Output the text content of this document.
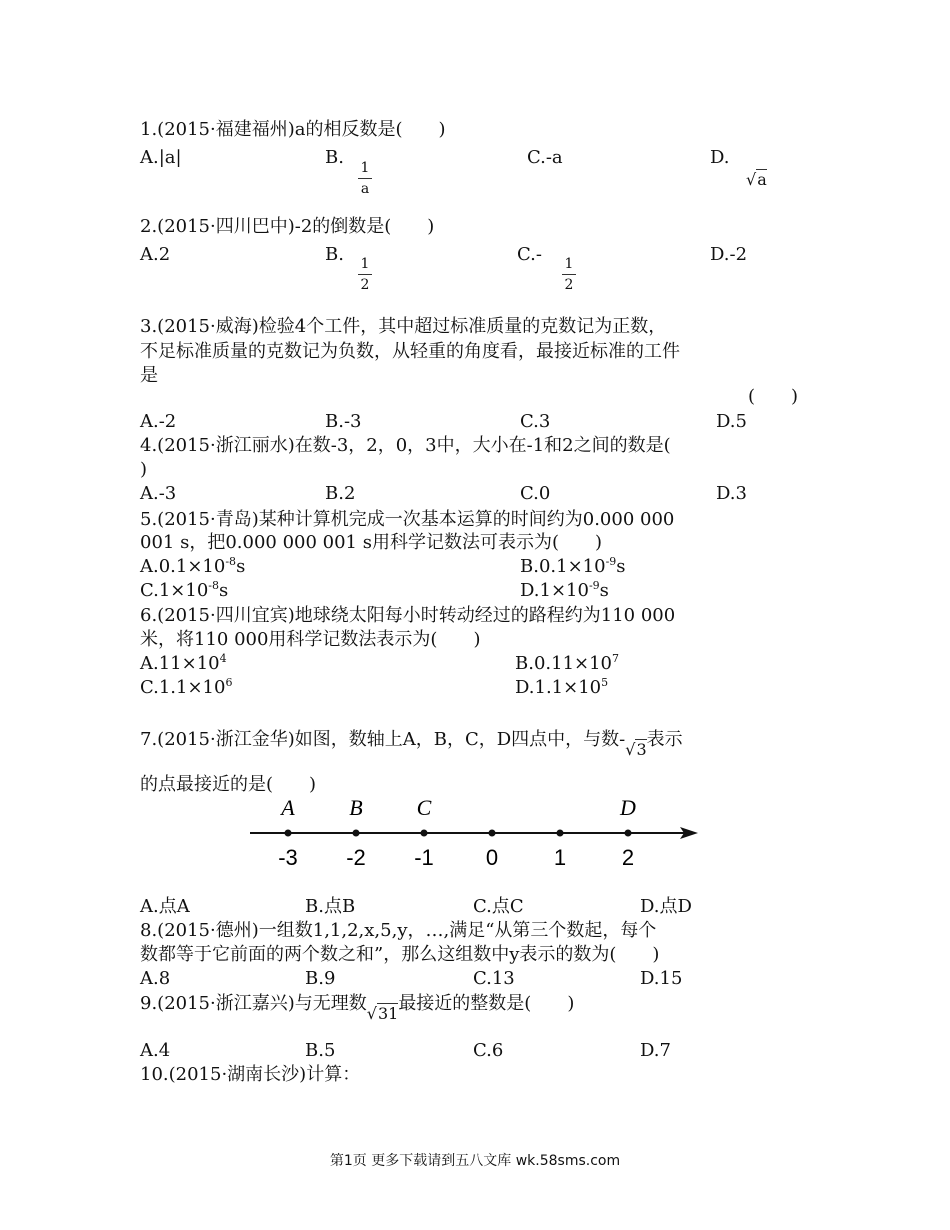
1.(2015·福建福州)a的相反数是(　　)
A.|a|	B. 1
a
C.-a	D.
√a
2.(2015·四川巴中)-2的倒数是(　　)
A.2	B. 1
2
C.- 1
2
D.-2
3.(2015·威海)检验4个工件，其中超过标准质量的克数记为正数，
不足标准质量的克数记为负数，从轻重的角度看，最接近标准的工件
是
(　　)
A.-2	B.-3	C.3	D.5
4.(2015·浙江丽水)在数-3，2，0，3中，大小在-1和2之间的数是(
)
A.-3	B.2	C.0	D.3
5.(2015·青岛)某种计算机完成一次基本运算的时间约为0.000 000
001 s，把0.000 000 001 s用科学记数法可表示为(　　)
$A.0.1\times 10^{-8}s$	$B.0.1\times 10^{-9}s$
$C.1\times 10^{-8}s$	$D.1\times 10^{-9}s$
6.(2015·四川宜宾)地球绕太阳每小时转动经过的路程约为110 000
米，将110 000用科学记数法表示为(　　)
$A.11\times 10^4$	$B.0.11\times 10^7$
$C.1.1\times 10^6$	$D.1.1\times 10^5$
7.(2015·浙江金华)如图，数轴上A，B，C，D四点中，与数-√3表示
的点最接近的是(　　)
-3
A
-2
B
-1
C
0	1	2
D
A.点A	B.点B	C.点C	D.点D
8.(2015·德州)一组数1,1,2,x,5,y，…,满足“从第三个数起，每个
数都等于它前面的两个数之和”，那么这组数中y表示的数为(　　)
A.8	B.9	C.13	D.15
9.(2015·浙江嘉兴)与无理数√31最接近的整数是(　　)
A.4	B.5	C.6	D.7
10.(2015·湖南长沙)计算：
第1页 更多下载请到五八文库 wk.58sms.com
